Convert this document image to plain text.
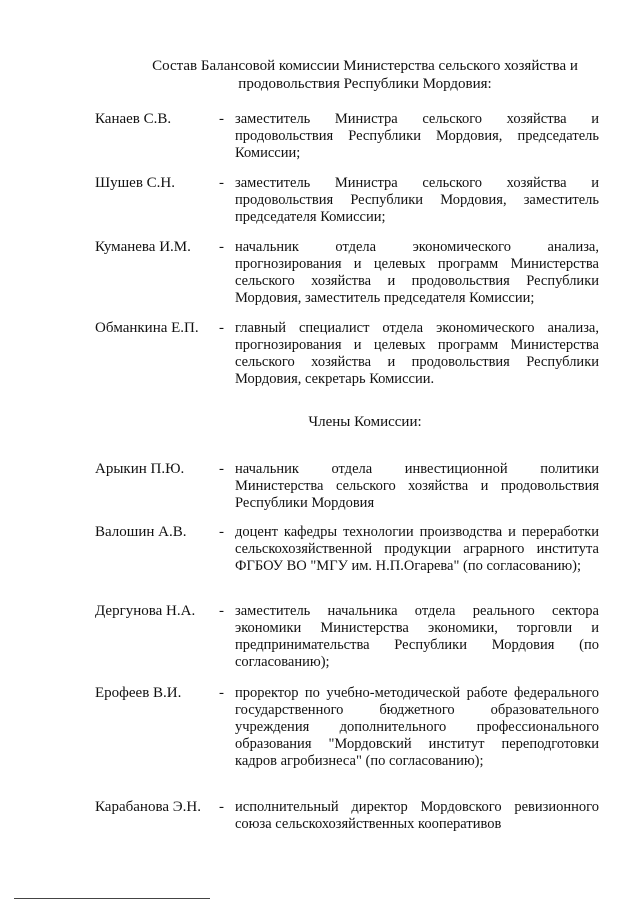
Состав Балансовой комиссии Министерства сельского хозяйства и продовольствия Республики Мордовия:
Канаев С.В.	- заместитель Министра сельского хозяйства и продовольствия Республики Мордовия, председатель Комиссии;
Шушев С.Н.	- заместитель Министра сельского хозяйства и продовольствия Республики Мордовия, заместитель председателя Комиссии;
Куманева И.М. - начальник отдела экономического анализа, прогнозирования и целевых программ Министерства сельского хозяйства и продовольствия Республики Мордовия, заместитель председателя Комиссии;
Обманкина Е.П. - главный специалист отдела экономического анализа, прогнозирования и целевых программ Министерства сельского хозяйства и продовольствия Республики Мордовия, секретарь Комиссии.
Члены Комиссии:
Арыкин П.Ю. - начальник отдела инвестиционной политики Министерства сельского хозяйства и продовольствия Республики Мордовия
Валошин А.В. - доцент кафедры технологии производства и переработки сельскохозяйственной продукции аграрного института ФГБОУ ВО "МГУ им. Н.П.Огарева" (по согласованию);
Дергунова Н.А. - заместитель начальника отдела реального сектора экономики Министерства экономики, торговли и предпринимательства Республики Мордовия (по согласованию);
Ерофеев В.И.	- проректор по учебно-методической работе федерального государственного бюджетного образовательного учреждения дополнительного профессионального образования "Мордовский институт переподготовки кадров агробизнеса" (по согласованию);
Карабанова Э.Н. - исполнительный директор Мордовского ревизионного союза сельскохозяйственных кооперативов
